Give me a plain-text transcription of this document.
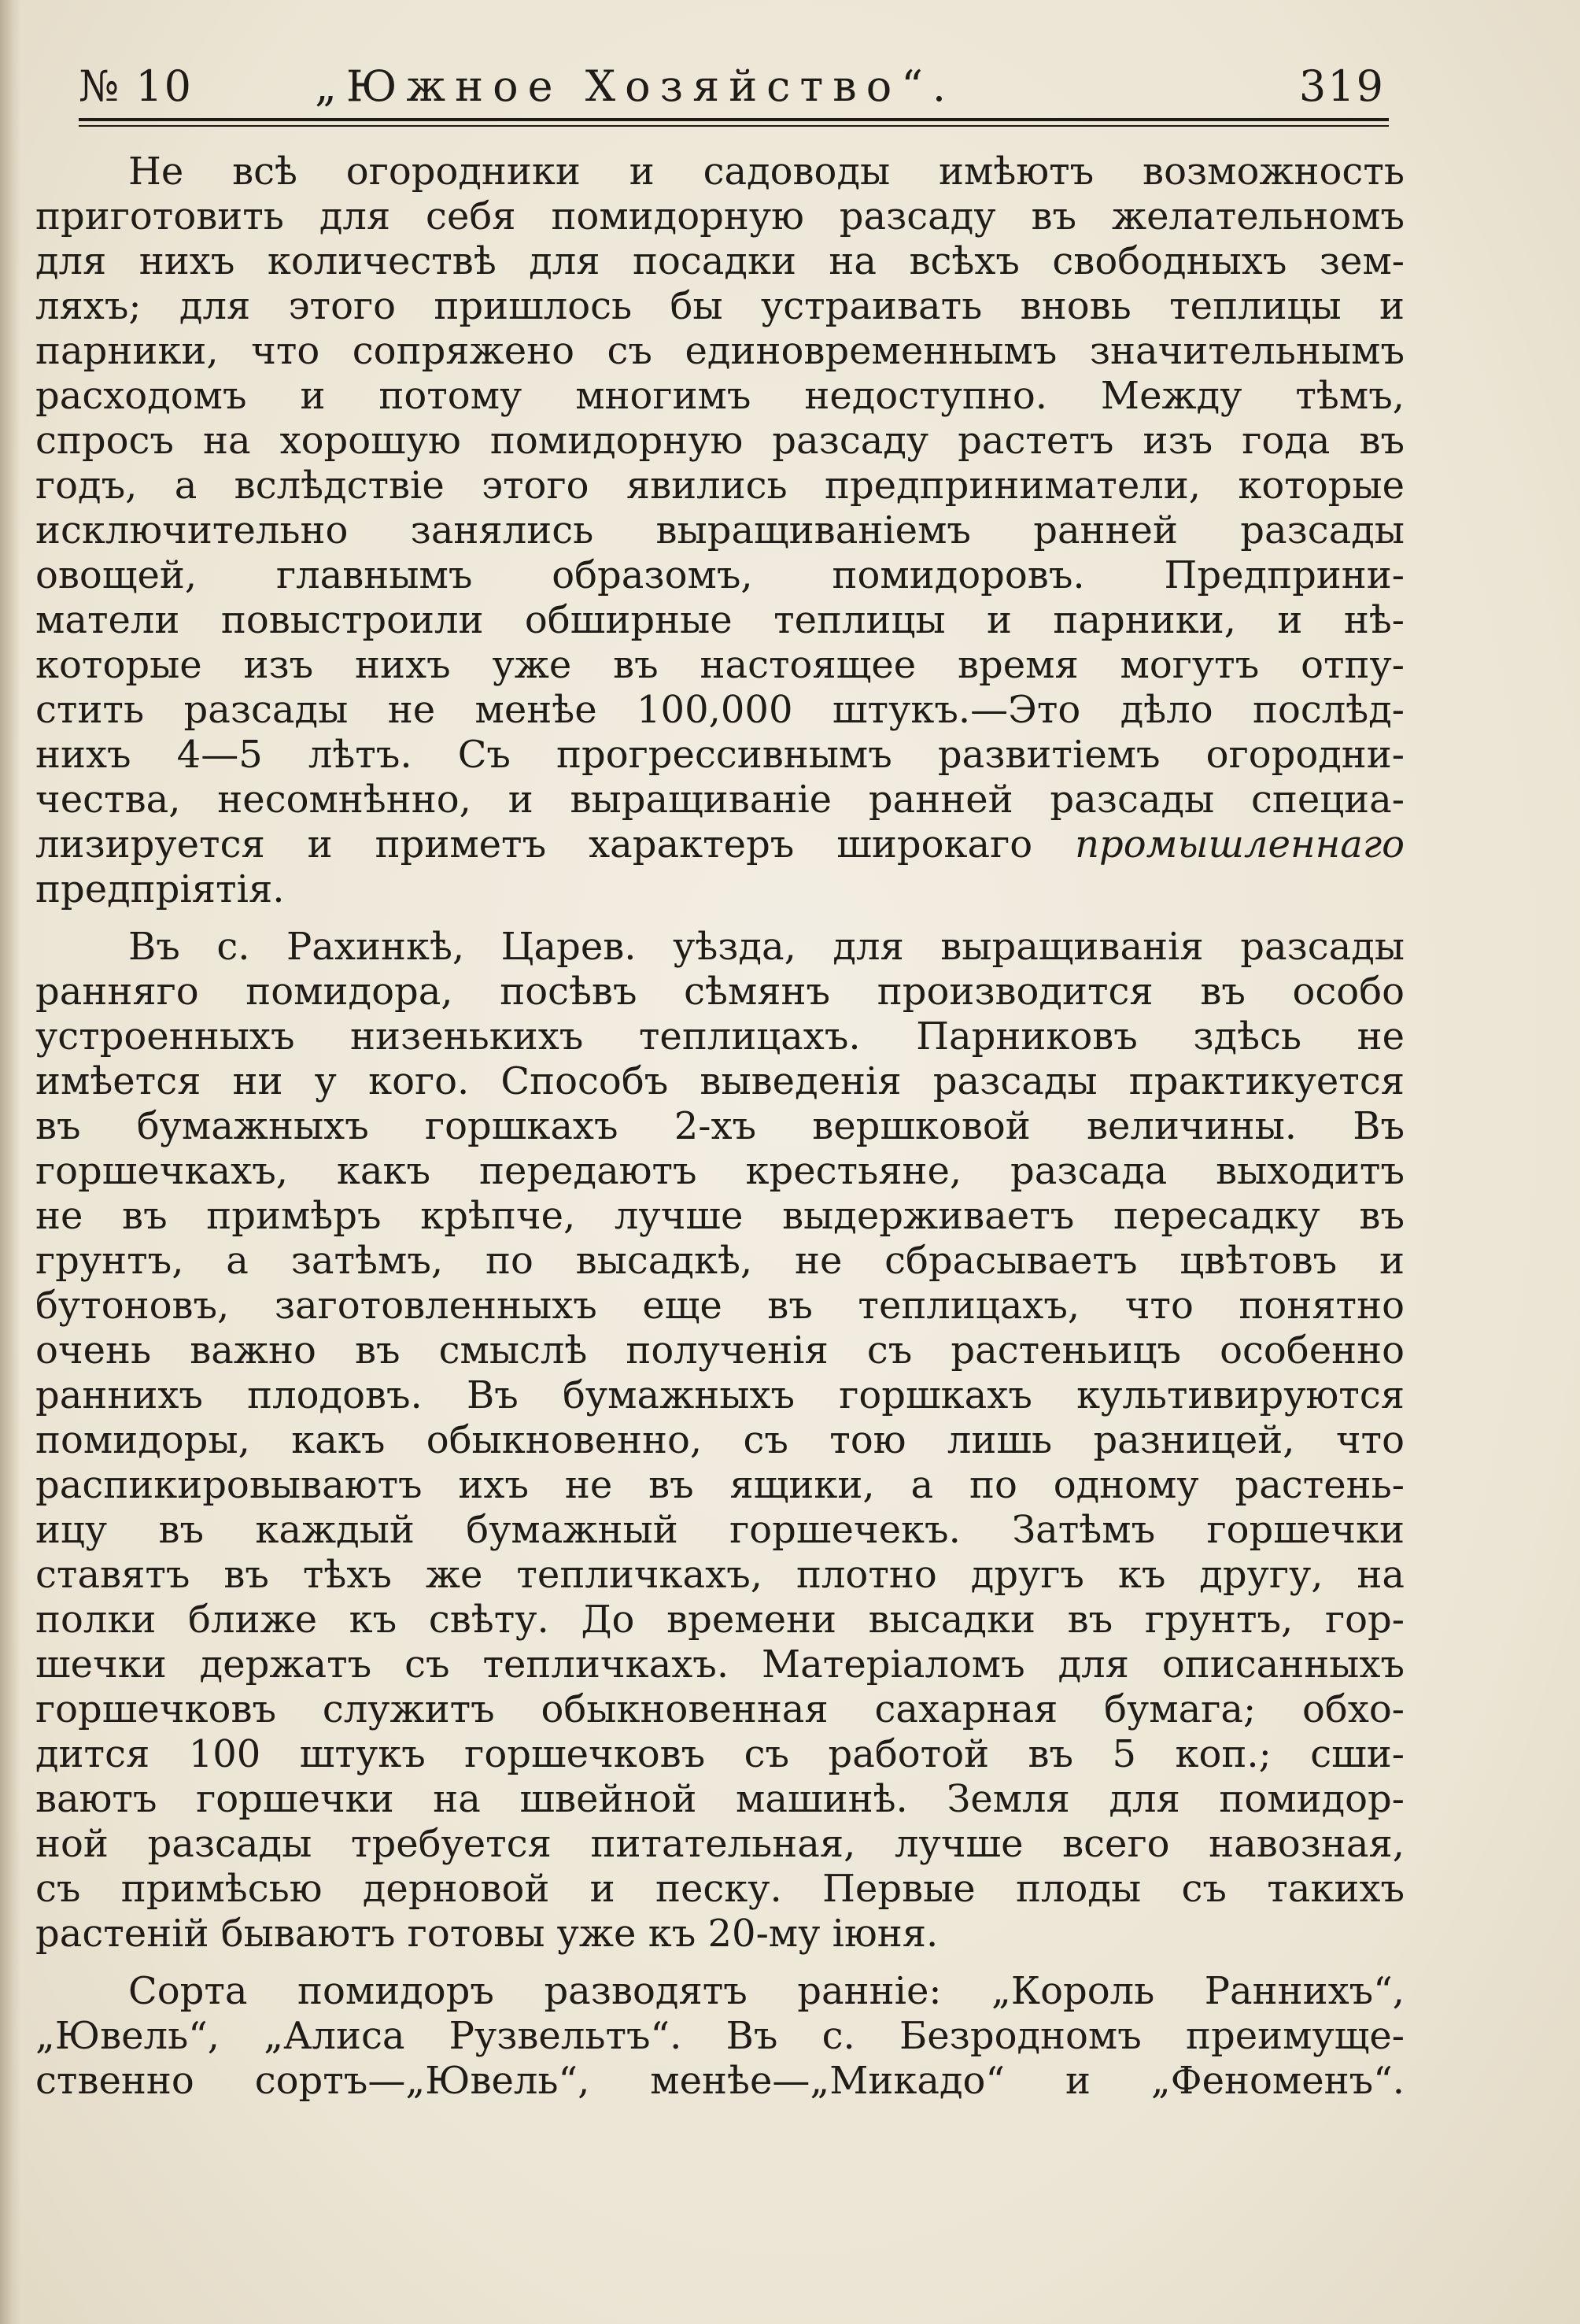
№ 10	„Южное Хозяйство“.	319
Не всѣ огородники и садоводы имѣютъ возможность
приготовить для себя помидорную разсаду въ желательномъ
для нихъ количествѣ для посадки на всѣхъ свободныхъ зем-
ляхъ; для этого пришлось бы устраивать вновь теплицы и
парники, что сопряжено съ единовременнымъ значительнымъ
расходомъ и потому многимъ недоступно. Между тѣмъ,
спросъ на хорошую помидорную разсаду растетъ изъ года въ
годъ, а вслѣдствіе этого явились предприниматели, которые
исключительно занялись выращиваніемъ ранней разсады
овощей, главнымъ образомъ, помидоровъ. Предприни-
матели повыстроили обширные теплицы и парники, и нѣ-
которые изъ нихъ уже въ настоящее время могутъ отпу-
стить разсады не менѣе 100,000 штукъ.—Это дѣло послѣд-
нихъ 4—5 лѣтъ. Съ прогрессивнымъ развитіемъ огородни-
чества, несомнѣнно, и выращиваніе ранней разсады специа-
лизируется и приметъ характеръ широкаго промышленнаго
предпріятія.
Въ с. Рахинкѣ, Царев. уѣзда, для выращиванія разсады
ранняго помидора, посѣвъ сѣмянъ производится въ особо
устроенныхъ низенькихъ теплицахъ. Парниковъ здѣсь не
имѣется ни у кого. Способъ выведенія разсады практикуется
въ бумажныхъ горшкахъ 2-хъ вершковой величины. Въ
горшечкахъ, какъ передаютъ крестьяне, разсада выходитъ
не въ примѣръ крѣпче, лучше выдерживаетъ пересадку въ
грунтъ, а затѣмъ, по высадкѣ, не сбрасываетъ цвѣтовъ и
бутоновъ, заготовленныхъ еще въ теплицахъ, что понятно
очень важно въ смыслѣ полученія съ растеньицъ особенно
раннихъ плодовъ. Въ бумажныхъ горшкахъ культивируются
помидоры, какъ обыкновенно, съ тою лишь разницей, что
распикировываютъ ихъ не въ ящики, а по одному растень-
ицу въ каждый бумажный горшечекъ. Затѣмъ горшечки
ставятъ въ тѣхъ же тепличкахъ, плотно другъ къ другу, на
полки ближе къ свѣту. До времени высадки въ грунтъ, гор-
шечки держатъ съ тепличкахъ. Матеріаломъ для описанныхъ
горшечковъ служитъ обыкновенная сахарная бумага; обхо-
дится 100 штукъ горшечковъ съ работой въ 5 коп.; сши-
ваютъ горшечки на швейной машинѣ. Земля для помидор-
ной разсады требуется питательная, лучше всего навозная,
съ примѣсью дерновой и песку. Первые плоды съ такихъ
растеній бываютъ готовы уже къ 20-му іюня.
Сорта помидоръ разводятъ ранніе: „Король Раннихъ“,
„Ювель“, „Алиса Рузвельтъ“. Въ с. Безродномъ преимуще-
ственно сортъ—„Ювель“, менѣе—„Микадо“ и „Феноменъ“.
